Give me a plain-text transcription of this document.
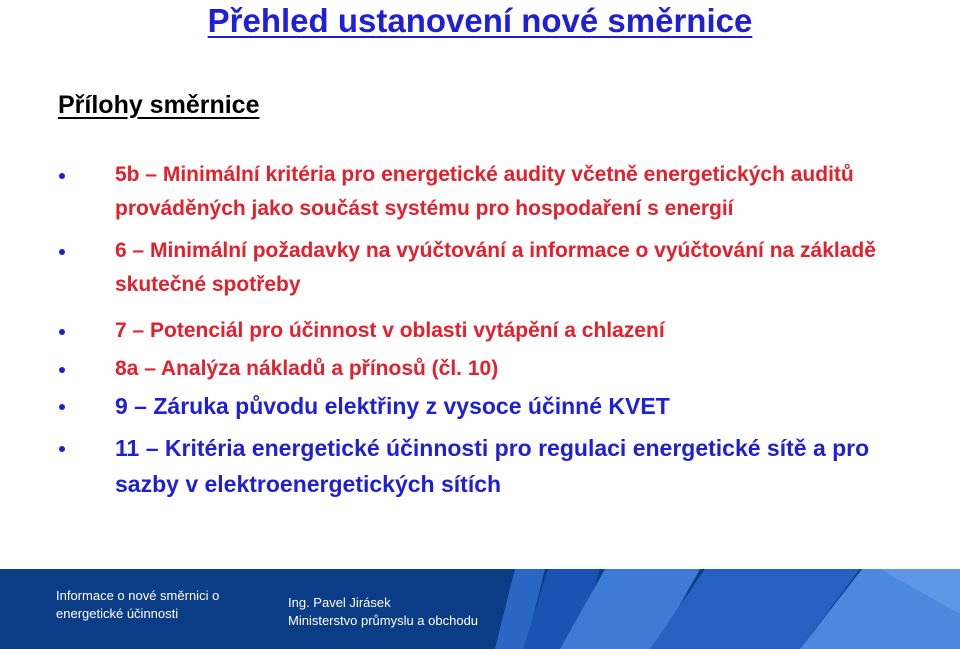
Přehled ustanovení nové směrnice
Přílohy směrnice
5b – Minimální kritéria pro energetické audity včetně energetických auditů prováděných jako součást systému pro hospodaření s energií
6 – Minimální požadavky na vyúčtování a informace o vyúčtování na základě skutečné spotřeby
7 – Potenciál pro účinnost v oblasti vytápění a chlazení
8a – Analýza nákladů a přínosů (čl. 10)
9 – Záruka původu elektřiny z vysoce účinné KVET
11 – Kritéria energetické účinnosti pro regulaci energetické sítě a pro sazby v elektroenergetických sítích
Informace o nové směrnici o
energetické účinnosti
Ing. Pavel Jirásek
Ministerstvo průmyslu a obchodu
